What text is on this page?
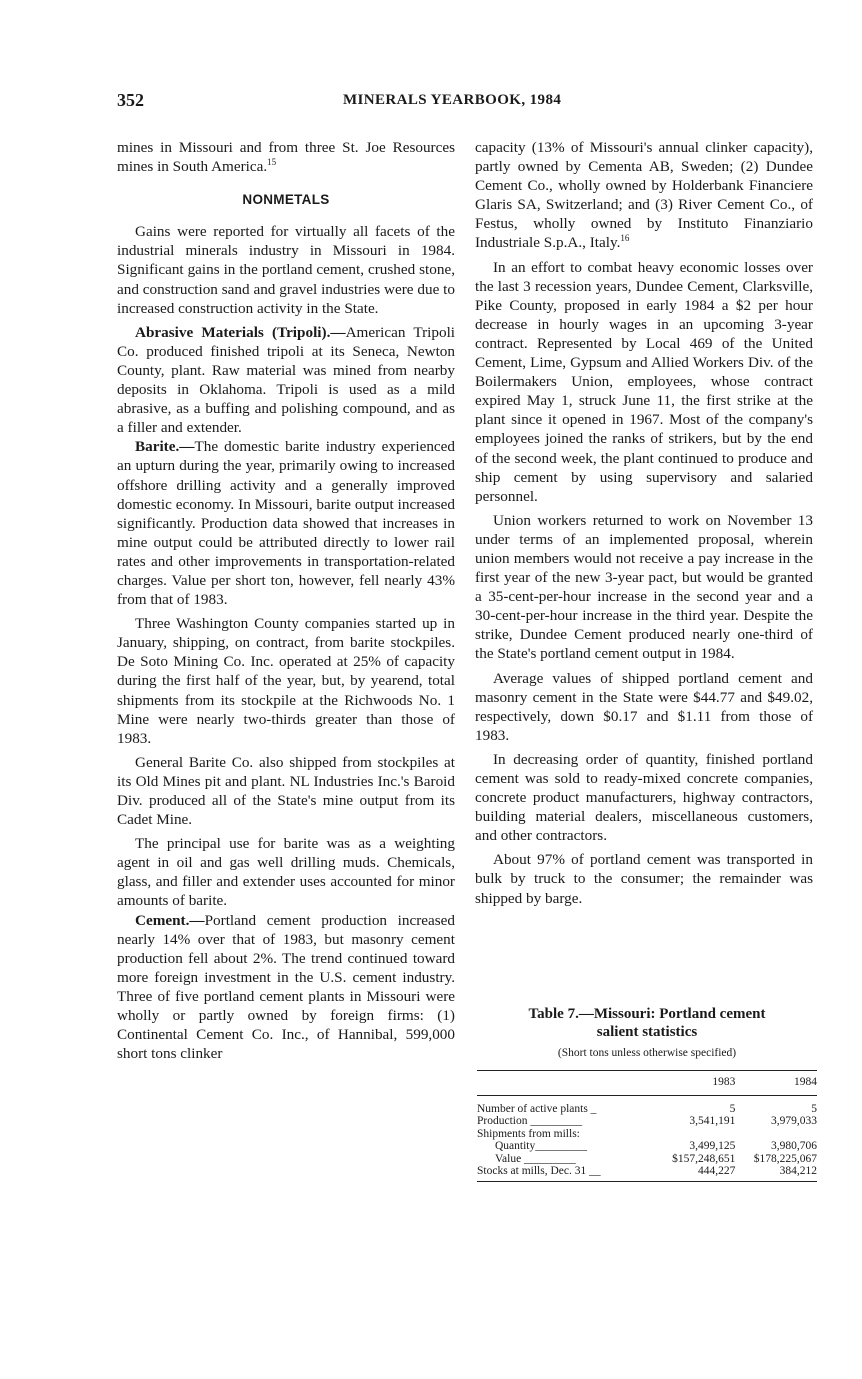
352	MINERALS YEARBOOK, 1984

mines in Missouri and from three St. Joe Resources mines in South America.$^{15}$

NONMETALS

Gains were reported for virtually all facets of the industrial minerals industry in Missouri in 1984. Significant gains in the portland cement, crushed stone, and construction sand and gravel industries were due to increased construction activity in the State.

Abrasive Materials (Tripoli).—American Tripoli Co. produced finished tripoli at its Seneca, Newton County, plant. Raw material was mined from nearby deposits in Oklahoma. Tripoli is used as a mild abrasive, as a buffing and polishing compound, and as a filler and extender.

Barite.—The domestic barite industry experienced an upturn during the year, primarily owing to increased offshore drilling activity and a generally improved domestic economy. In Missouri, barite output increased significantly. Production data showed that increases in mine output could be attributed directly to lower rail rates and other improvements in transportation-related charges. Value per short ton, however, fell nearly 43% from that of 1983.

Three Washington County companies started up in January, shipping, on contract, from barite stockpiles. De Soto Mining Co. Inc. operated at 25% of capacity during the first half of the year, but, by yearend, total shipments from its stockpile at the Richwoods No. 1 Mine were nearly two-thirds greater than those of 1983.

General Barite Co. also shipped from stockpiles at its Old Mines pit and plant. NL Industries Inc.'s Baroid Div. produced all of the State's mine output from its Cadet Mine.

The principal use for barite was as a weighting agent in oil and gas well drilling muds. Chemicals, glass, and filler and extender uses accounted for minor amounts of barite.

Cement.—Portland cement production increased nearly 14% over that of 1983, but masonry cement production fell about 2%. The trend continued toward more foreign investment in the U.S. cement industry. Three of five portland cement plants in Missouri were wholly or partly owned by foreign firms: (1) Continental Cement Co. Inc., of Hannibal, 599,000 short tons clinker

capacity (13% of Missouri's annual clinker capacity), partly owned by Cementa AB, Sweden; (2) Dundee Cement Co., wholly owned by Holderbank Financiere Glaris SA, Switzerland; and (3) River Cement Co., of Festus, wholly owned by Instituto Finanziario Industriale S.p.A., Italy.$^{16}$

In an effort to combat heavy economic losses over the last 3 recession years, Dundee Cement, Clarksville, Pike County, proposed in early 1984 a $2 per hour decrease in hourly wages in an upcoming 3-year contract. Represented by Local 469 of the United Cement, Lime, Gypsum and Allied Workers Div. of the Boilermakers Union, employees, whose contract expired May 1, struck June 11, the first strike at the plant since it opened in 1967. Most of the company's employees joined the ranks of strikers, but by the end of the second week, the plant continued to produce and ship cement by using supervisory and salaried personnel.

Union workers returned to work on November 13 under terms of an implemented proposal, wherein union members would not receive a pay increase in the first year of the new 3-year pact, but would be granted a 35-cent-per-hour increase in the second year and a 30-cent-per-hour increase in the third year. Despite the strike, Dundee Cement produced nearly one-third of the State's portland cement output in 1984.

Average values of shipped portland cement and masonry cement in the State were $44.77 and $49.02, respectively, down $0.17 and $1.11 from those of 1983.

In decreasing order of quantity, finished portland cement was sold to ready-mixed concrete companies, concrete product manufacturers, highway contractors, building material dealers, miscellaneous customers, and other contractors.

About 97% of portland cement was transported in bulk by truck to the consumer; the remainder was shipped by barge.

Table 7.—Missouri: Portland cement
salient statistics
(Short tons unless otherwise specified)
	1983	1984
Number of active plants _	5	5
Production _________	3,541,191	3,979,033
Shipments from mills:		
Quantity_________	3,499,125	3,980,706
Value _________	$157,248,651	$178,225,067
Stocks at mills, Dec. 31 __	444,227	384,212
